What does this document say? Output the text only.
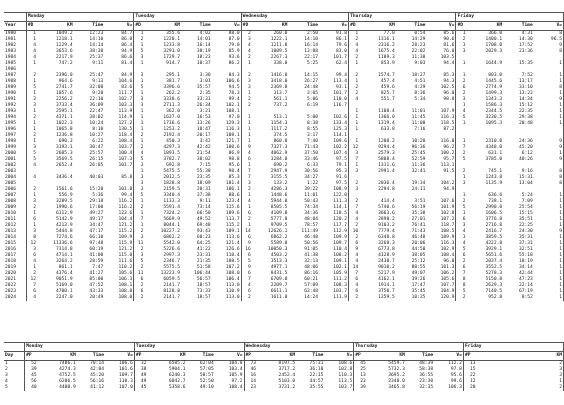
	Monday				Tuesday				Wednesday				Thursday				Friday			
Year	#D	KM	Time	V=	#D	KM	Time	V=	#D	KM	Time	V=	#D	KM	Time	V=	#D	KM	Time	V=
1980	1	1049.2	12:23	84.7	1	355.6	4:02	88.0	2	260.0	2:50	91.8	1	77.0	0:54	85.6	1	366.0	4:31	8
1981	1	1218.1	14:10	86.0	2	1220.1	14:01	87.0	3	1222.1	14:10	86.1	2	1316.1	14:29	90.6	2	1400.1	14:30	96.5
1982	4	1229.4	14:14	86.4	1	1233.8	16:14	79.0	4	1211.8	16:14	79.6	4	2316.2	28:23	81.6	3	1708.0	17:52	9
1983	4	3653.6	38:30	94.9	5	3291.0	38:19	85.9	4	1009.5	13:08	83.0	4	1675.4	22:02	76.0	3	2029.3	23:36	8
1984	4	2217.9	25:37	86.6	3	1729.7	18:23	93.6	2	2267.3	22:17	101.7	2	1189.3	11:30	103.5				
1985	1	747.2	9:11	81.4	1	914.7	10:37	86.2	1	338.0	5:25	62.4	1	853.9	9:03	94.4	1	1644.9	15:35	1
1986																				
1987	2	2396.0	25:47	84.9	3	295.1	3:30	84.3	2	1416.0	14:15	99.4	2	1574.7	18:27	85.3	1	803.0	7:52	1
1988	1	964.6	9:13	104.6	1	381.7	3:01	106.6	3	3418.0	26:27	113.4	1	457.4	4:51	94.3	2	1445.6	13:17	1
1989	5	2741.7	32:08	83.6	5	3396.6	35:57	94.5	3	2369.8	24:48	93.1	2	459.6	4:29	102.5	6	2774.9	33:10	8
1990	1	1057.6	9:28	111.7	1	262.2	2:35	78.3	1	313.7	3:05	101.7	2	825.7	8:36	96.0	2	1499.3	13:22	1
1991	2	2256.2	22:10	102.7	3	3330.6	33:31	99.4	2	561.1	5:06	110.0	4	551.7	5:34	98.8	3	1343.3	14:34	9
1992	3	3733.4	36:09	103.3	3	2711.3	26:34	102.1	2	737.2	6:19	116.7					1	1586.3	15:12	1
1993	1	2595.1	22:47	113.9	1	362.0	3:21	108.1					1	1108.4	11:01	107.9	4	2344.5	22:35	1
1994	2	4371.1	38:02	114.9	1	1637.0	16:53	97.0	1	513.1	5:00	102.6	1	1366.0	11:45	116.3	5	3230.5	29:38	1
1995	1	1022.3	10:24	127.2	1	1736.6	13:26	129.3	1	1154.3	8:38	133.4	1	1319.4	11:08	118.5	1	1095.3	20:48	1
1996	1	1065.8	8:10	130.5	1	1253.2	10:47	116.3	1	1117.2	8:55	125.3	1	633.8	7:16	87.2				
1997	2	1236.8	10:27	118.4	2	2192.4	20:17	108.1	1	374.5	3:17	114.1								
1998	1	690.3	6:22	108.4	1	450.3	3:42	121.7	1	860.0	7:40	109.6	1	1208.2	10:20	116.8	1	2310.0	24:36	9
1999	3	3193.1	30:47	103.7	2	4297.3	42:42	100.6	9	7327.3	71:43	102.2	12	9294.4	96:36	96.2	7	4348.0	45:20	9
2000	5	2605.3	25:57	100.4	4	1893.5	21:54	86.9	4	4062.9	37:50	107.4	3	2579.3	25:45	100.2	2	631.1	6:12	1
2001	5	3569.5	26:15	107.3	5	3782.7	38:02	98.8	6	3284.0	33:46	97.5	7	5808.4	52:59	95.7	5	3785.0	40:26	9
2002	4	2652.4	26:05	101.7	3	692.8	7:15	95.6	1	690.2	6:33	79.1	1	1311.6	11:36	113.1				
2003					1	5475.5	55:38	98.4	7	2947.9	30:56	95.3	3	2991.4	32:41	91.5	2	745.1	9:16	8
2004	4	3436.4	40:03	85.8	3	2012.5	23:35	85.3	7	3155.5	34:27	91.6					1	1243.8	15:31	8
2005					3	1828.8	18:09	101.4	3	133.2	1:22	97.5	2	2036.4	19:34	104.2	3	1135.9	13:04	8
2006	2	1561.6	15:28	101.0	3	2159.5	20:31	106.1	2	4286.3	39:22	108.9	3	2294.8	24:11	94.9				
2007	1	556.9	5:36	99.4	5	3340.4	37:38	88.6	1	1448.6	11:01	122.0					1	636.6	5:24	1
2008	3	3289.5	29:18	116.2	1	1133.3	9:11	123.4	4	5944.0	50:43	111.3	2	414.4	3:51	107.6	2	738.1	7:09	1
2009	2	1990.6	17:00	116.2	2	5591.4	73:14	115.6	1	8505.5	74:34	114.1	7	5740.6	56:19	101.9	5	2990.0	25:54	1
2010	1	6112.9	49:27	123.6	1	7324.2	66:50	109.6	6	4109.8	34:36	118.5	4	3663.6	35:38	102.8	1	1606.5	15:15	1
2011	6	5142.9	49:17	104.4	7	5669.9	49:52	113.7	2	5777.8	48:04	120.2	4	2898.2	27:01	107.2	6	3776.8	35:51	1
2012	1	4213.9	34:47	121.2	1	8044.1	69:48	115.2	1	9709.5	78:57	117.7	2	9103.2	76:41	118.7	3	2716.8	22:25	1
2013	3	5444.8	47:17	115.2	2	10227.2	93:43	109.1	14	12626.1	111:49	112.9	10	7779.4	71:43	108.5	4	2416.7	24:30	9
2014	8	7274.6	66:10	109.9	3	6862.2	60:23	113.6	6	6862.2	46:48	109.9	2	6348.8	46:48	109.9	3	3859.5	35:31	1
2015	12	11336.6	97:48	115.9	11	5542.0	64:25	121.4	9	5589.0	50:56	109.7	6	3268.3	20:06	116.3	4	4222.8	37:31	1
2016	3	7314.8	60:19	121.2	2	5226.6	41:22	126.6	16	10050.3	91:05	110.4	9	6773.8	44:50	102.9	5	3929.1	32:51	1
2017	6	4714.1	41:00	115.0	3	2997.3	23:31	110.4	6	4503.2	41:38	108.2	4	4128.9	38:05	108.4	6	5651.6	55:18	1
2018	4	3264.2	28:59	111.6	5	2346.7	21:35	108.5	5	3513.3	32:13	109.1	4	2438.7	25:12	96.8	2	2037.4	18:19	1
2019	1	861.1	7:47	110.2	2	5575.5	51:58	107.2	9	4977.1	48:06	102.1	14	9010.2	88:55	101.3	6	3552.5	34:14	1
2020	2	4376.4	41:27	105.6	11	13223.9	106:44	108.0	6	8431.5	86:16	105.9	7	5217.9	49:07	106.2	7	5278.3	42:44	1
2021	12	9051.9	85:00	106.3	6	6059.5	56:57	106.4	7	6709.0	60:21	111.2	6	4162.1	39:26	105.6	8	5150.8	47:23	1
2022	7	5169.0	47:52	108.1	2	2141.7	18:57	113.0	4	2209.7	57:09	108.3	4	1914.1	17:47	107.7	8	2629.3	22:14	1
2023	6	4700.1	43:33	108.0	6	8128.8	73:33	110.9	6	6611.1	63:48	103.7	6	3750.7	35:45	104.9	5	7140.5	67:19	1
2024	4	2247.0	20:49	108.0	2	2141.7	18:57	113.0	2	1611.0	14:24	111.9	2	1259.5	10:25	120.9	2	952.8	8:52	1
	Monday				Tuesday				Wednesday				Thursday				Friday	
Day	#P	KM	Time	V=	#P	KM	Time	V=	#P	KM	Time	V=	#P	KM	Time	V=	#P	KM
1	52	7486.1	70:14	106.6	32	6585.2	62:04	104.8	73	8197.5	75:31	108.6	45	5459.7	48:39	112.2	13	2
2	39	4274.3	42:04	101.6	38	5904.1	57:05	103.4	46	3717.2	36:10	102.8	25	5732.3	58:38	97.8	15	3
3	45	4752.5	45:20	109.7	49	6240.3	58:57	105.9	16	2452.4	22:15	110.3	13	3695.2	36:55	95.6	22	3
4	56	6206.5	56:16	110.3	49	6042.7	52:50	97.2	14	5103.0	44:57	113.5	23	2340.0	23:30	99.6	12	1
5	40	4400.9	41:12	107.0	45	5358.6	49:10	108.4	23	3731.2	35:55	103.7	39	3465.8	32:35	106.3	20	2
